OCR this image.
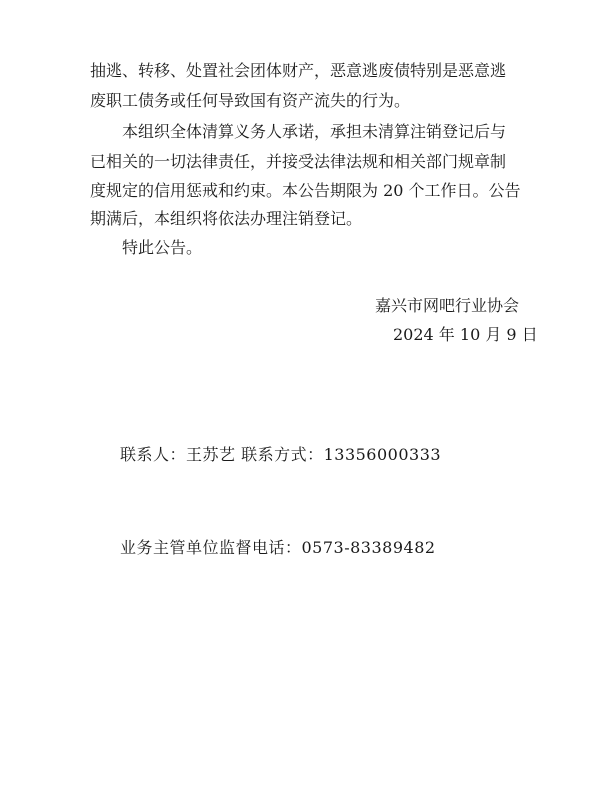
抽逃、转移、处置社会团体财产，恶意逃废债特别是恶意逃
废职工债务或任何导致国有资产流失的行为。
本组织全体清算义务人承诺，承担未清算注销登记后与
已相关的一切法律责任，并接受法律法规和相关部门规章制
度规定的信用惩戒和约束。本公告期限为 20 个工作日。公告
期满后，本组织将依法办理注销登记。
特此公告。
嘉兴市网吧行业协会
2024 年 10 月 9 日
联系人：王苏艺 联系方式：13356000333
业务主管单位监督电话：0573-83389482
